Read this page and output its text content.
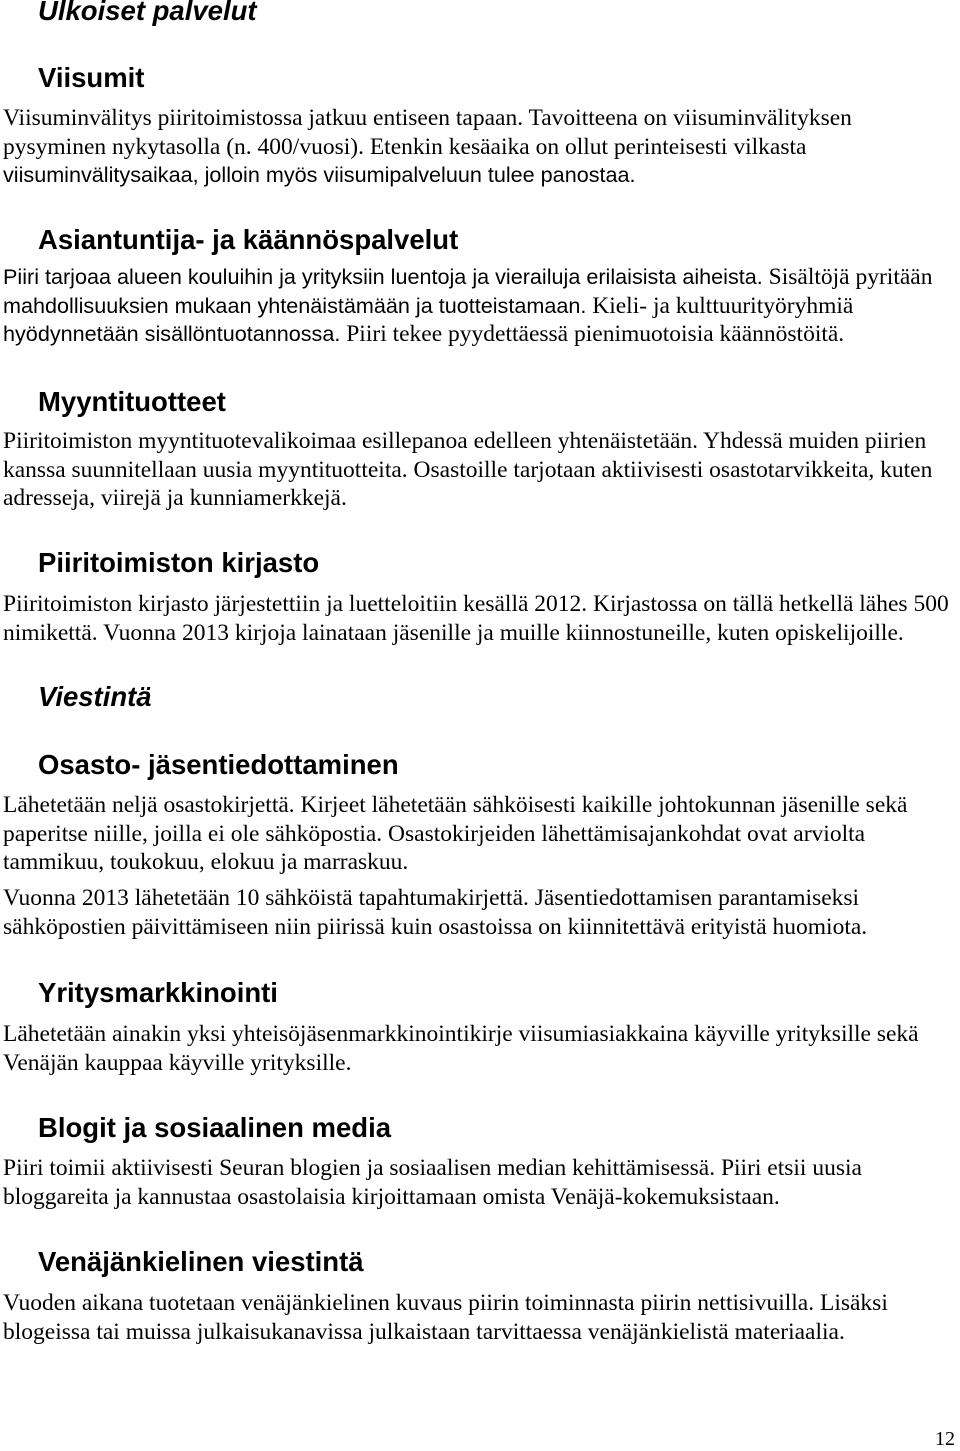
Ulkoiset palvelut
Viisumit

Viisuminvälitys piiritoimistossa jatkuu entiseen tapaan. Tavoitteena on viisuminvälityksen pysyminen nykytasolla (n. 400/vuosi). Etenkin kesäaika on ollut perinteisesti vilkasta viisuminvälitysaikaa, jolloin myös viisumipalveluun tulee panostaa.

Asiantuntija- ja käännöspalvelut

Piiri tarjoaa alueen kouluihin ja yrityksiin luentoja ja vierailuja erilaisista aiheista. Sisältöjä pyritään mahdollisuuksien mukaan yhtenäistämään ja tuotteistamaan. Kieli- ja kulttuurityöryhmiä hyödynnetään sisällöntuotannossa. Piiri tekee pyydettäessä pienimuotoisia käännöstöitä.

Myyntituotteet

Piiritoimiston myyntituotevalikoimaa esillepanoa edelleen yhtenäistetään. Yhdessä muiden piirien kanssa suunnitellaan uusia myyntituotteita. Osastoille tarjotaan aktiivisesti osastotarvikkeita, kuten adresseja, viirejä ja kunniamerkkejä.

Piiritoimiston kirjasto

Piiritoimiston kirjasto järjestettiin ja luetteloitiin kesällä 2012. Kirjastossa on tällä hetkellä lähes 500 nimikettä. Vuonna 2013 kirjoja lainataan jäsenille ja muille kiinnostuneille, kuten opiskelijoille.

Viestintä
Osasto- jäsentiedottaminen

Lähetetään neljä osastokirjettä. Kirjeet lähetetään sähköisesti kaikille johtokunnan jäsenille sekä paperitse niille, joilla ei ole sähköpostia. Osastokirjeiden lähettämisajankohdat ovat arviolta tammikuu, toukokuu, elokuu ja marraskuu.

Vuonna 2013 lähetetään 10 sähköistä tapahtumakirjettä. Jäsentiedottamisen parantamiseksi sähköpostien päivittämiseen niin piirissä kuin osastoissa on kiinnitettävä erityistä huomiota.

Yritysmarkkinointi

Lähetetään ainakin yksi yhteisöjäsenmarkkinointikirje viisumiasiakkaina käyville yrityksille sekä Venäjän kauppaa käyville yrityksille.

Blogit ja sosiaalinen media

Piiri toimii aktiivisesti Seuran blogien ja sosiaalisen median kehittämisessä. Piiri etsii uusia bloggareita ja kannustaa osastolaisia kirjoittamaan omista Venäjä-kokemuksistaan.

Venäjänkielinen viestintä

Vuoden aikana tuotetaan venäjänkielinen kuvaus piirin toiminnasta piirin nettisivuilla. Lisäksi blogeissa tai muissa julkaisukanavissa julkaistaan tarvittaessa venäjänkielistä materiaalia.

12
